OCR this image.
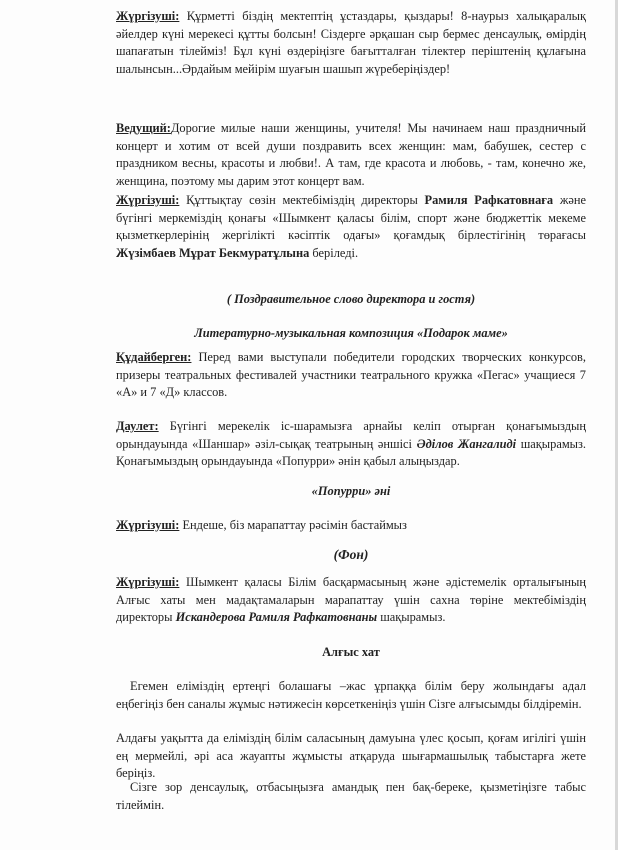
Жүргізуші: Құрметті біздің мектептің ұстаздары, қыздары! 8-наурыз халықаралық әйелдер күні мерекесі құтты болсын! Сіздерге әрқашан сыр бермес денсаулық, өмірдің шапағатын тілейміз! Бұл күні өздеріңізге бағытталған тілектер періштенің құлағына шалынсын...Әрдайым мейірім шуағын шашып жүреберіңіздер!

Ведущий:Дорогие милые наши женщины, учителя! Мы начинаем наш праздничный концерт и хотим от всей души поздравить всех женщин: мам, бабушек, сестер с праздником весны, красоты и любви!. А там, где красота и любовь, - там, конечно же, женщина, поэтому мы дарим этот концерт вам.

Жүргізуші: Құттықтау сөзін мектебіміздің директоры Рамиля Рафкатовнаға және бүгінгі меркеміздің қонағы «Шымкент қаласы білім, спорт және бюджеттік мекеме қызметкерлерінің жергілікті кәсіптік одағы» қоғамдық бірлестігінің төрағасы Жүзімбаев Мұрат Бекмуратұлына беріледі.

( Поздравительное слово директора и гостя)

Литературно-музыкальная композиция «Подарок маме»

Құдайберген: Перед вами выступали победители городских творческих конкурсов, призеры театральных фестивалей участники театрального кружка «Пегас» учащиеся 7 «А» и 7 «Д» классов.

Даулет: Бүгінгі мерекелік іс-шарамызға арнайы келіп отырған қонағымыздың орындауында «Шаншар» әзіл-сықақ театрының әншісі Әділов Жангалиді шақырамыз. Қонағымыздың орындауында «Попурри» әнін қабыл алыңыздар.

«Попурри» әні

Жүргізуші: Ендеше, біз марапаттау рәсімін бастаймыз

(Фон)

Жүргізуші: Шымкент қаласы Білім басқармасының және әдістемелік орталығының Алғыс хаты мен мадақтамаларын марапаттау үшін сахна төріне мектебіміздің директоры Искандерова Рамиля Рафкатовнаны шақырамыз.

Алғыс хат

Егемен еліміздің ертеңгі болашағы –жас ұрпаққа білім беру жолындағы адал еңбегіңіз бен саналы жұмыс нәтижесін көрсеткеніңіз үшін Сізге алғысымды білдіремін.

Алдағы уақытта да еліміздің білім саласының дамуына үлес қосып, қоғам игілігі үшін ең мермейлі, әрі аса жауапты жұмысты атқаруда шығармашылық табыстарға жете беріңіз.

Сізге зор денсаулық, отбасыңызға амандық пен бақ-береке, қызметіңізге табыс тілеймін.
